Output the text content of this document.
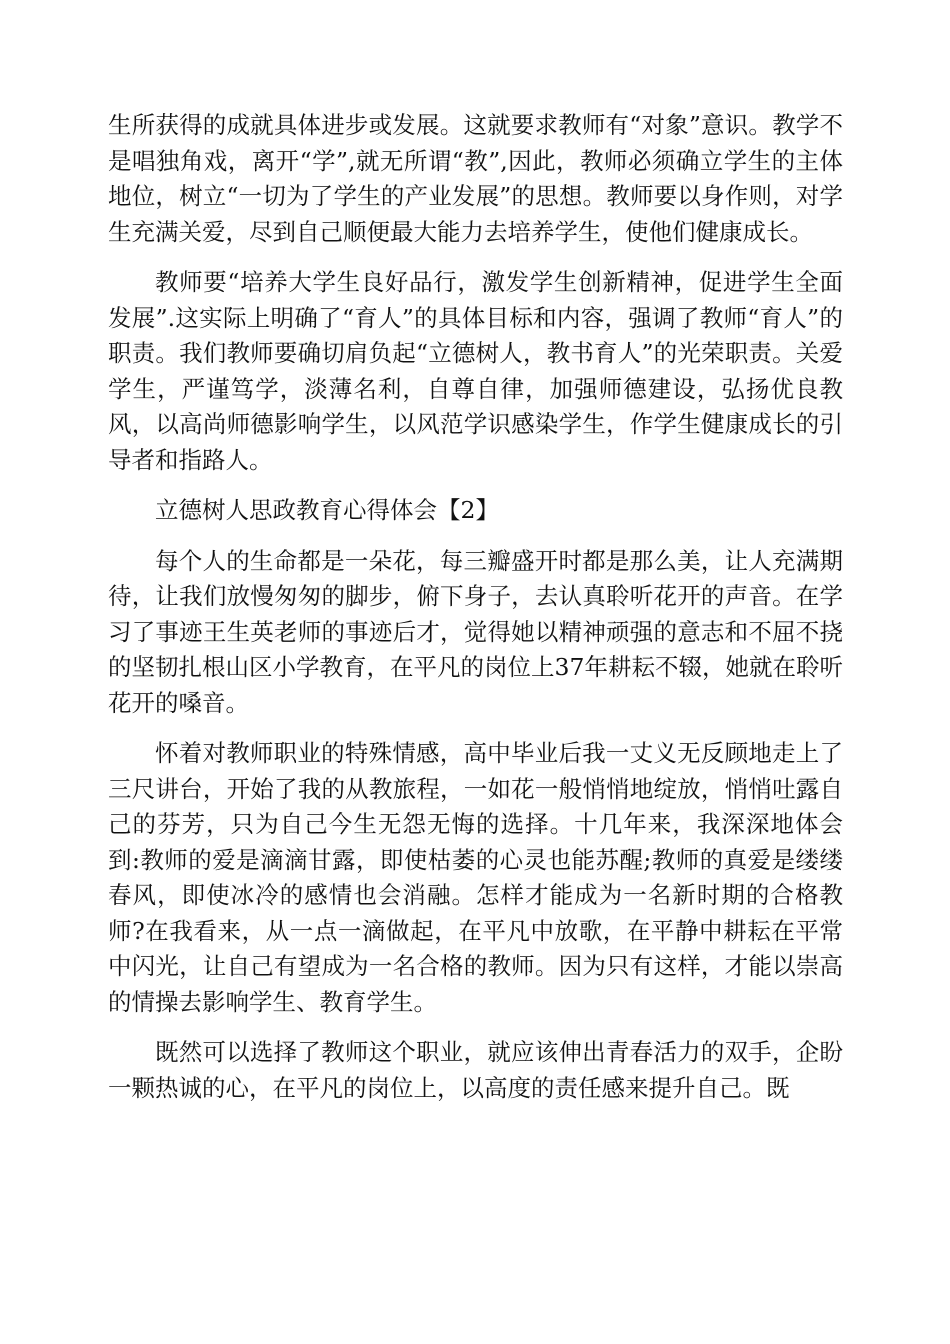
生所获得的成就具体进步或发展。这就要求教师有“对象”意识。教学不是唱独角戏，离开“学”,就无所谓“教”,因此，教师必须确立学生的主体地位，树立“一切为了学生的产业发展”的思想。教师要以身作则，对学生充满关爱，尽到自己顺便最大能力去培养学生，使他们健康成长。

教师要“培养大学生良好品行，激发学生创新精神，促进学生全面发展”.这实际上明确了“育人”的具体目标和内容，强调了教师“育人”的职责。我们教师要确切肩负起“立德树人，教书育人”的光荣职责。关爱学生，严谨笃学，淡薄名利，自尊自律，加强师德建设，弘扬优良教风，以高尚师德影响学生，以风范学识感染学生，作学生健康成长的引导者和指路人。

立德树人思政教育心得体会【2】

每个人的生命都是一朵花，每三瓣盛开时都是那么美，让人充满期待，让我们放慢匆匆的脚步，俯下身子，去认真聆听花开的声音。在学习了事迹王生英老师的事迹后才，觉得她以精神顽强的意志和不屈不挠的坚韧扎根山区小学教育，在平凡的岗位上37年耕耘不辍，她就在聆听花开的嗓音。

怀着对教师职业的特殊情感，高中毕业后我一丈义无反顾地走上了三尺讲台，开始了我的从教旅程，一如花一般悄悄地绽放，悄悄吐露自己的芬芳，只为自己今生无怨无悔的选择。十几年来，我深深地体会到:教师的爱是滴滴甘露，即使枯萎的心灵也能苏醒;教师的真爱是缕缕春风，即使冰冷的感情也会消融。怎样才能成为一名新时期的合格教师?在我看来，从一点一滴做起，在平凡中放歌，在平静中耕耘在平常中闪光，让自己有望成为一名合格的教师。因为只有这样，才能以崇高的情操去影响学生、教育学生。

既然可以选择了教师这个职业，就应该伸出青春活力的双手，企盼一颗热诚的心，在平凡的岗位上，以高度的责任感来提升自己。既
